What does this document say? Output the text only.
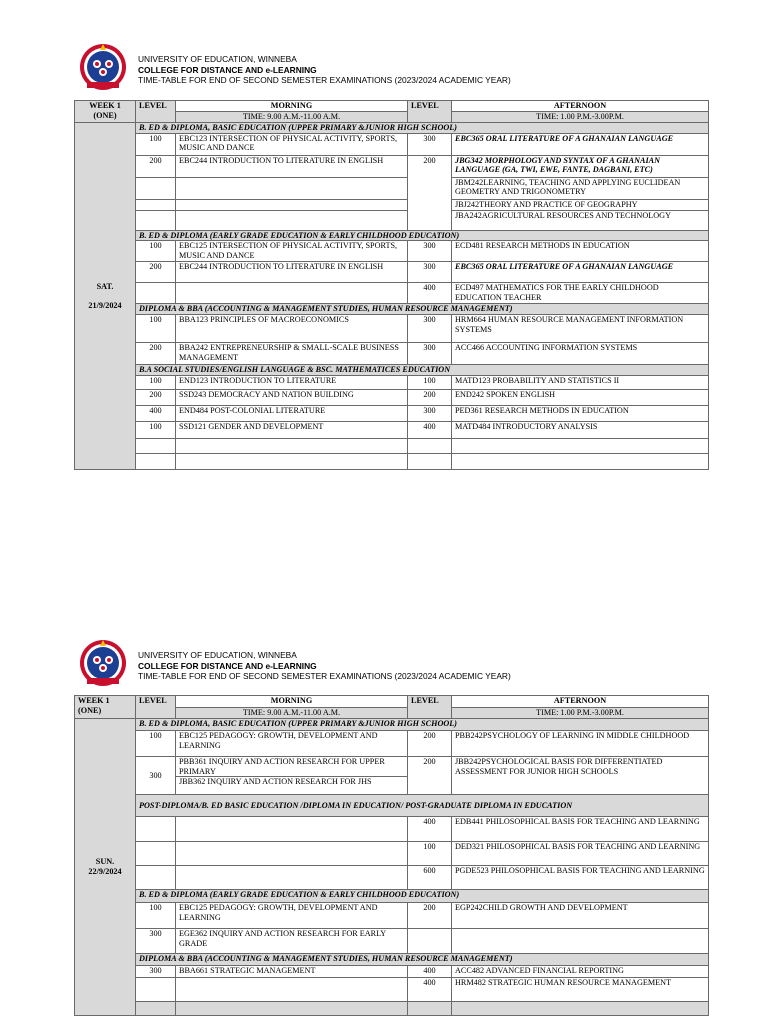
UNIVERSITY OF EDUCATION, WINNEBA
COLLEGE FOR DISTANCE AND e-LEARNING
TIME-TABLE FOR END OF SECOND SEMESTER EXAMINATIONS (2023/2024 ACADEMIC YEAR)
WEEK 1
(ONE)	LEVEL	MORNING	LEVEL	AFTERNOON
		TIME: 9.00 A.M.-11.00 A.M.		TIME: 1.00 P.M.-3.00P.M.

SAT.
21/9/2024	B. ED & DIPLOMA, BASIC EDUCATION (UPPER PRIMARY &JUNIOR HIGH SCHOOL)			
	100	EBC123 INTERSECTION OF PHYSICAL ACTIVITY, SPORTS, MUSIC AND DANCE	300	EBC365 ORAL LITERATURE OF A GHANAIAN LANGUAGE
	200	EBC244 INTRODUCTION TO LITERATURE IN ENGLISH	200	JBG342 MORPHOLOGY AND SYNTAX OF A GHANAIAN LANGUAGE (GA, TWI, EWE, FANTE, DAGBANI, ETC)
				JBM242LEARNING, TEACHING AND APPLYING EUCLIDEAN GEOMETRY AND TRIGONOMETRY
				JBJ242THEORY AND PRACTICE OF GEOGRAPHY
				JBA242AGRICULTURAL RESOURCES AND TECHNOLOGY
	B. ED & DIPLOMA (EARLY GRADE EDUCATION & EARLY CHILDHOOD EDUCATION)			
	100	EBC125 INTERSECTION OF PHYSICAL ACTIVITY, SPORTS, MUSIC AND DANCE	300	ECD481 RESEARCH METHODS IN EDUCATION
	200	EBC244 INTRODUCTION TO LITERATURE IN ENGLISH	300	EBC365 ORAL LITERATURE OF A GHANAIAN LANGUAGE
			400	ECD497 MATHEMATICS FOR THE EARLY CHILDHOOD EDUCATION TEACHER
	DIPLOMA & BBA (ACCOUNTING & MANAGEMENT STUDIES, HUMAN RESOURCE MANAGEMENT)			
	100	BBA123 PRINCIPLES OF MACROECONOMICS	300	HRM664 HUMAN RESOURCE MANAGEMENT INFORMATION SYSTEMS
	200	BBA242 ENTREPRENEURSHIP & SMALL-SCALE BUSINESS MANAGEMENT	300	ACC466 ACCOUNTING INFORMATION SYSTEMS
	B.A SOCIAL STUDIES/ENGLISH LANGUAGE & BSC. MATHEMATICES EDUCATION			
	100	END123 INTRODUCTION TO LITERATURE	100	MATD123 PROBABILITY AND STATISTICS II
	200	SSD243 DEMOCRACY AND NATION BUILDING	200	END242 SPOKEN ENGLISH
	400	END484 POST-COLONIAL LITERATURE	300	PED361 RESEARCH METHODS IN EDUCATION
	100	SSD121 GENDER AND DEVELOPMENT	400	MATD484 INTRODUCTORY ANALYSIS

UNIVERSITY OF EDUCATION, WINNEBA
COLLEGE FOR DISTANCE AND e-LEARNING
TIME-TABLE FOR END OF SECOND SEMESTER EXAMINATIONS (2023/2024 ACADEMIC YEAR)
WEEK 1
(ONE)	LEVEL	MORNING	LEVEL	AFTERNOON
		TIME: 9.00 A.M.-11.00 A.M.		TIME: 1.00 P.M.-3.00P.M.

SUN.
22/9/2024	B. ED & DIPLOMA, BASIC EDUCATION (UPPER PRIMARY &JUNIOR HIGH SCHOOL)			
	100	EBC125 PEDAGOGY: GROWTH, DEVELOPMENT AND LEARNING	200	PBB242PSYCHOLOGY OF LEARNING IN MIDDLE CHILDHOOD
	300	PBB361 INQUIRY AND ACTION RESEARCH FOR UPPER PRIMARY
JBB362 INQUIRY AND ACTION RESEARCH FOR JHS	200	JBB242PSYCHOLOGICAL BASIS FOR DIFFERENTIATED ASSESSMENT FOR JUNIOR HIGH SCHOOLS
	POST-DIPLOMA/B. ED BASIC EDUCATION /DIPLOMA IN EDUCATION/ POST-GRADUATE DIPLOMA IN EDUCATION			
			400	EDB441 PHILOSOPHICAL BASIS FOR TEACHING AND LEARNING
			100	DED321 PHILOSOPHICAL BASIS FOR TEACHING AND LEARNING
			600	PGDE523 PHILOSOPHICAL BASIS FOR TEACHING AND LEARNING
	B. ED & DIPLOMA (EARLY GRADE EDUCATION & EARLY CHILDHOOD EDUCATION)			
	100	EBC125 PEDAGOGY: GROWTH, DEVELOPMENT AND LEARNING	200	EGP242CHILD GROWTH AND DEVELOPMENT
	300	EGE362 INQUIRY AND ACTION RESEARCH FOR EARLY GRADE		
	DIPLOMA & BBA (ACCOUNTING & MANAGEMENT STUDIES, HUMAN RESOURCE MANAGEMENT)			
	300	BBA661 STRATEGIC MANAGEMENT	400	ACC482 ADVANCED FINANCIAL REPORTING
			400	HRM482 STRATEGIC HUMAN RESOURCE MANAGEMENT
